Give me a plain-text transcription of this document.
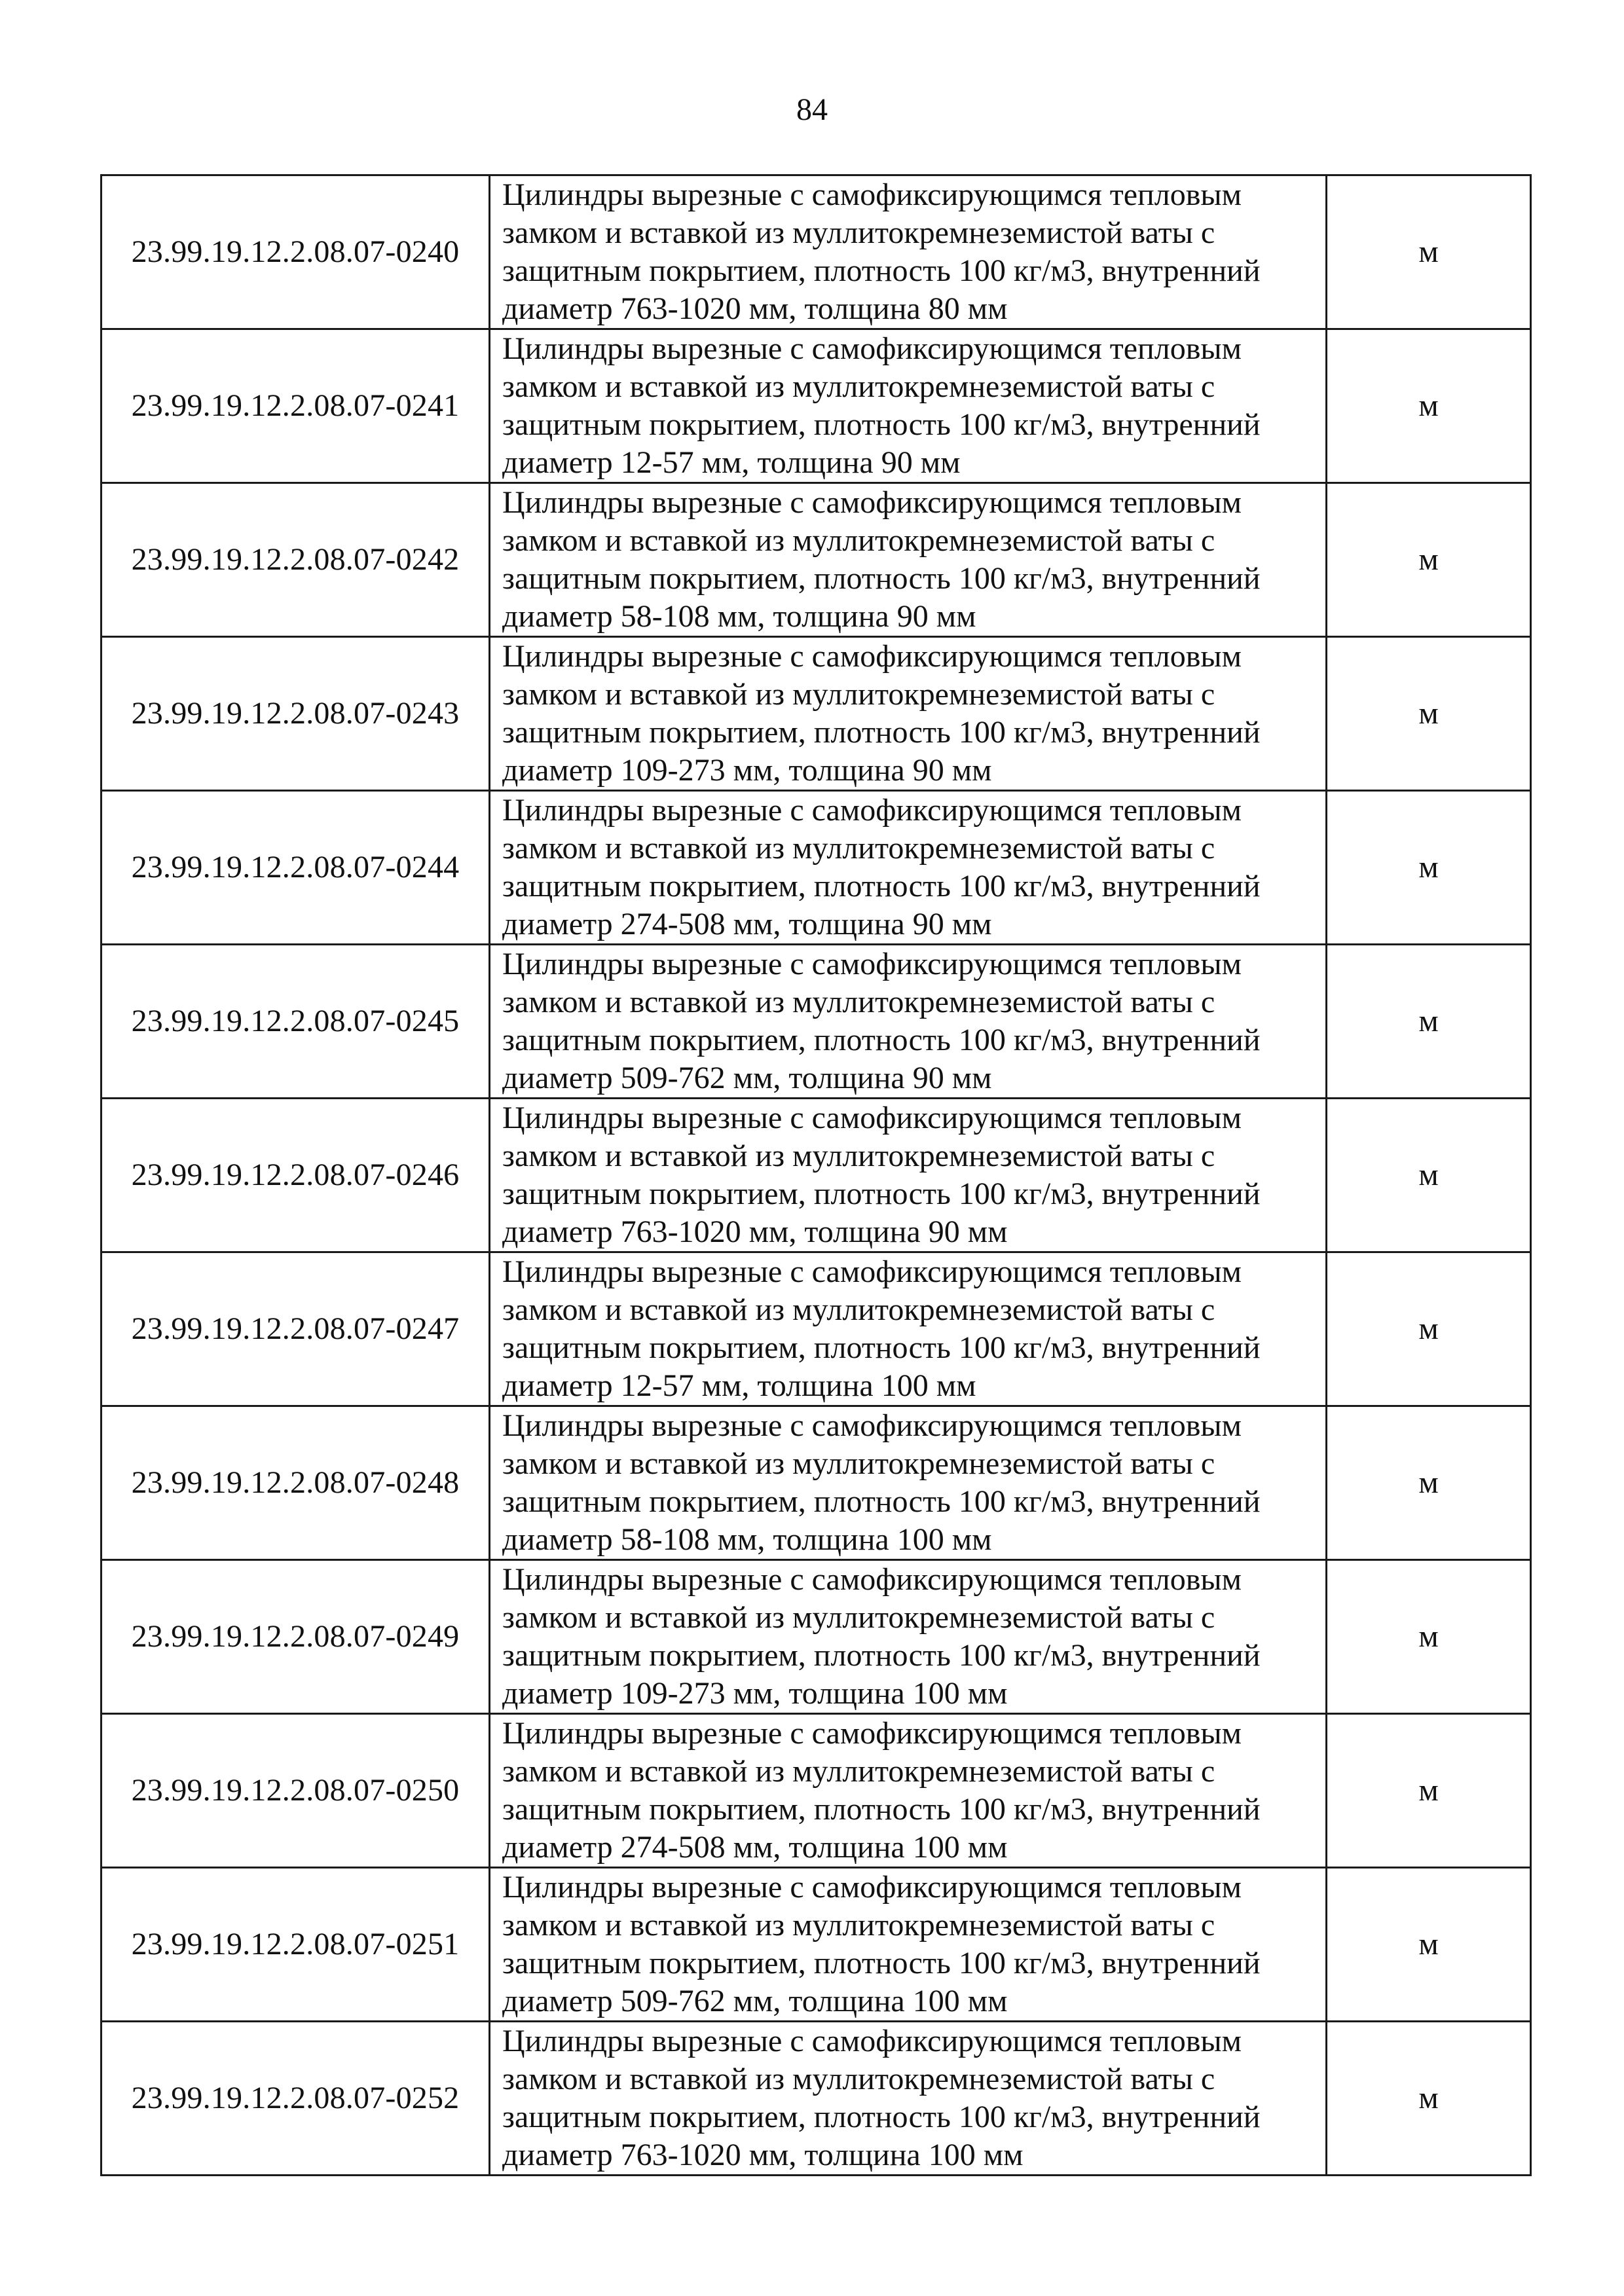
84
23.99.19.12.2.08.07-0240	Цилиндры вырезные с самофиксирующимся тепловым
замком и вставкой из муллитокремнеземистой ваты с
защитным покрытием, плотность 100 кг/м3, внутренний
диаметр 763-1020 мм, толщина 80 мм	м
23.99.19.12.2.08.07-0241	Цилиндры вырезные с самофиксирующимся тепловым
замком и вставкой из муллитокремнеземистой ваты с
защитным покрытием, плотность 100 кг/м3, внутренний
диаметр 12-57 мм, толщина 90 мм	м
23.99.19.12.2.08.07-0242	Цилиндры вырезные с самофиксирующимся тепловым
замком и вставкой из муллитокремнеземистой ваты с
защитным покрытием, плотность 100 кг/м3, внутренний
диаметр 58-108 мм, толщина 90 мм	м
23.99.19.12.2.08.07-0243	Цилиндры вырезные с самофиксирующимся тепловым
замком и вставкой из муллитокремнеземистой ваты с
защитным покрытием, плотность 100 кг/м3, внутренний
диаметр 109-273 мм, толщина 90 мм	м
23.99.19.12.2.08.07-0244	Цилиндры вырезные с самофиксирующимся тепловым
замком и вставкой из муллитокремнеземистой ваты с
защитным покрытием, плотность 100 кг/м3, внутренний
диаметр 274-508 мм, толщина 90 мм	м
23.99.19.12.2.08.07-0245	Цилиндры вырезные с самофиксирующимся тепловым
замком и вставкой из муллитокремнеземистой ваты с
защитным покрытием, плотность 100 кг/м3, внутренний
диаметр 509-762 мм, толщина 90 мм	м
23.99.19.12.2.08.07-0246	Цилиндры вырезные с самофиксирующимся тепловым
замком и вставкой из муллитокремнеземистой ваты с
защитным покрытием, плотность 100 кг/м3, внутренний
диаметр 763-1020 мм, толщина 90 мм	м
23.99.19.12.2.08.07-0247	Цилиндры вырезные с самофиксирующимся тепловым
замком и вставкой из муллитокремнеземистой ваты с
защитным покрытием, плотность 100 кг/м3, внутренний
диаметр 12-57 мм, толщина 100 мм	м
23.99.19.12.2.08.07-0248	Цилиндры вырезные с самофиксирующимся тепловым
замком и вставкой из муллитокремнеземистой ваты с
защитным покрытием, плотность 100 кг/м3, внутренний
диаметр 58-108 мм, толщина 100 мм	м
23.99.19.12.2.08.07-0249	Цилиндры вырезные с самофиксирующимся тепловым
замком и вставкой из муллитокремнеземистой ваты с
защитным покрытием, плотность 100 кг/м3, внутренний
диаметр 109-273 мм, толщина 100 мм	м
23.99.19.12.2.08.07-0250	Цилиндры вырезные с самофиксирующимся тепловым
замком и вставкой из муллитокремнеземистой ваты с
защитным покрытием, плотность 100 кг/м3, внутренний
диаметр 274-508 мм, толщина 100 мм	м
23.99.19.12.2.08.07-0251	Цилиндры вырезные с самофиксирующимся тепловым
замком и вставкой из муллитокремнеземистой ваты с
защитным покрытием, плотность 100 кг/м3, внутренний
диаметр 509-762 мм, толщина 100 мм	м
23.99.19.12.2.08.07-0252	Цилиндры вырезные с самофиксирующимся тепловым
замком и вставкой из муллитокремнеземистой ваты с
защитным покрытием, плотность 100 кг/м3, внутренний
диаметр 763-1020 мм, толщина 100 мм	м
